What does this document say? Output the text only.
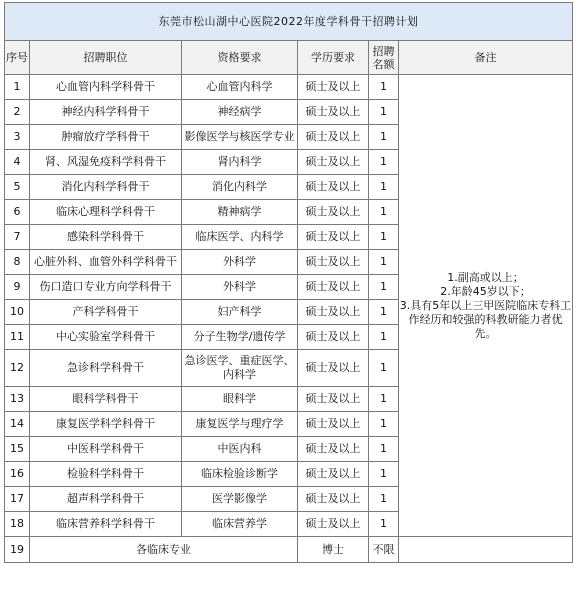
东莞市松山湖中心医院2022年度学科骨干招聘计划					
序号	招聘职位	资格要求	学历要求	招聘名额	备注
1	心血管内科学科骨干	心血管内科学	硕士及以上	1	1.副高或以上；
2.年龄45岁以下；
3.具有5年以上三甲医院临床专科工作经历和较强的科教研能力者优先。

2	神经内科学科骨干	神经病学	硕士及以上	1	
3	肿瘤放疗学科骨干	影像医学与核医学专业	硕士及以上	1	
4	肾、风湿免疫科学科骨干	肾内科学	硕士及以上	1	
5	消化内科学科骨干	消化内科学	硕士及以上	1	
6	临床心理科学科骨干	精神病学	硕士及以上	1	
7	感染科学科骨干	临床医学、内科学	硕士及以上	1	
8	心脏外科、血管外科学科骨干	外科学	硕士及以上	1	
9	伤口造口专业方向学科骨干	外科学	硕士及以上	1	
10	产科学科骨干	妇产科学	硕士及以上	1	
11	中心实验室学科骨干	分子生物学/遗传学	硕士及以上	1	
12	急诊科学科骨干	急诊医学、重症医学、内科学	硕士及以上	1	
13	眼科学科骨干	眼科学	硕士及以上	1	
14	康复医学科学科骨干	康复医学与理疗学	硕士及以上	1	
15	中医科学科骨干	中医内科	硕士及以上	1	
16	检验科学科骨干	临床检验诊断学	硕士及以上	1	
17	超声科学科骨干	医学影像学	硕士及以上	1	
18	临床营养科学科骨干	临床营养学	硕士及以上	1	
19	各临床专业		博士	不限	
